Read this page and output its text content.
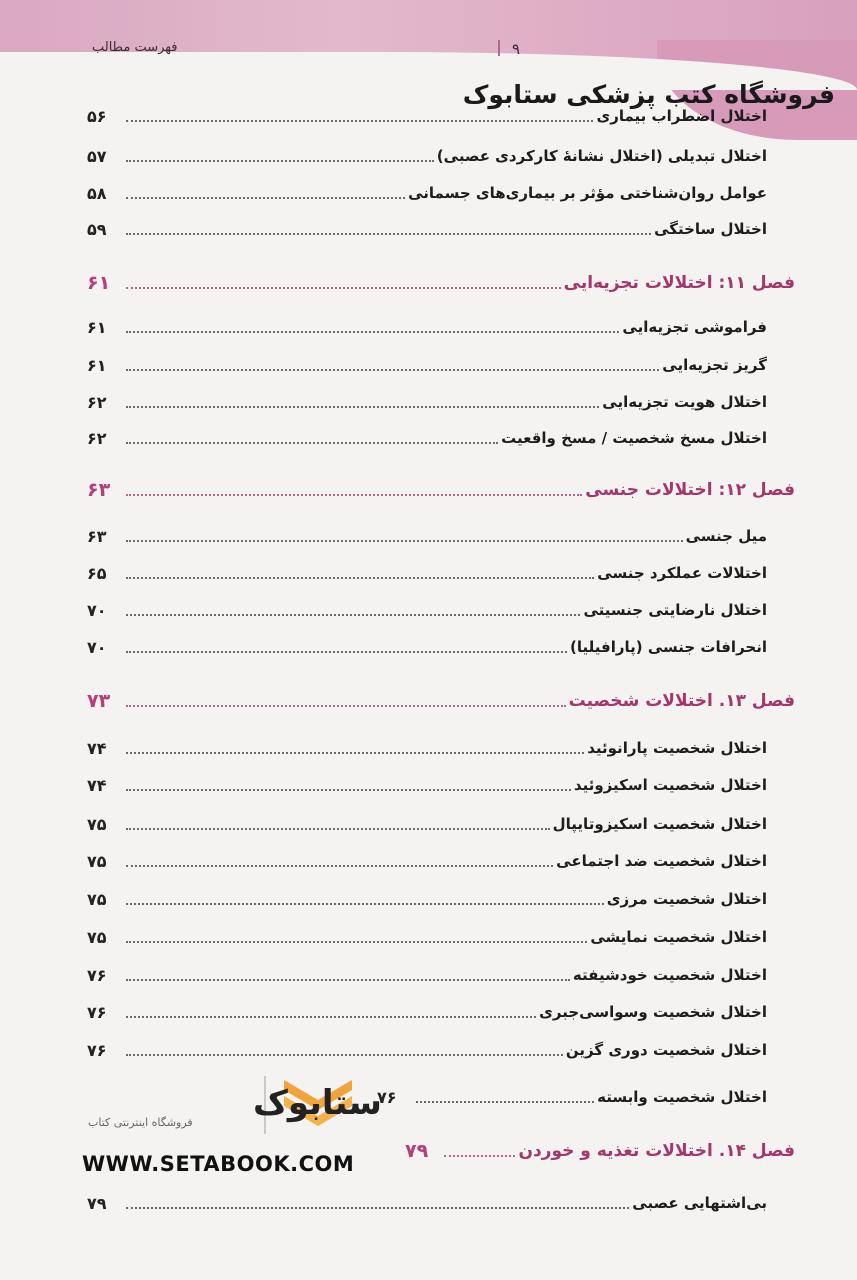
فهرست مطالب	۹
فروشگاه کتب پزشکی ستابوک
اختلال اضطراب بیماری
۵۶
اختلال تبدیلی (اختلال نشانهٔ کارکردی عصبی)
۵۷
عوامل روان‌شناختی مؤثر بر بیماری‌های جسمانی
۵۸
اختلال ساختگی
۵۹
فصل ۱۱: اختلالات تجزیه‌ایی
۶۱
فراموشی تجزیه‌ایی
۶۱
گریز تجزیه‌ایی
۶۱
اختلال هویت تجزیه‌ایی
۶۲
اختلال مسخ شخصیت / مسخ واقعیت
۶۲
فصل ۱۲: اختلالات جنسی
۶۳
میل جنسی
۶۳
اختلالات عملکرد جنسی
۶۵
اختلال نارضایتی جنسیتی
۷۰
انحرافات جنسی (پارافیلیا)
۷۰
فصل ۱۳. اختلالات شخصیت
۷۳
اختلال شخصیت پارانوئید
۷۴
اختلال شخصیت اسکیزوئید
۷۴
اختلال شخصیت اسکیزوتایپال
۷۵
اختلال شخصیت ضد اجتماعی
۷۵
اختلال شخصیت مرزی
۷۵
اختلال شخصیت نمایشی
۷۵
اختلال شخصیت خودشیفته
۷۶
اختلال شخصیت وسواسی‌جبری
۷۶
اختلال شخصیت دوری گزین
۷۶
اختلال شخصیت وابسته
۷۶
فصل ۱۴. اختلالات تغذیه و خوردن
۷۹
بی‌اشتهایی عصبی
۷۹
ستابوک
فروشگاه اینترنتی کتاب
WWW.SETABOOK.COM
